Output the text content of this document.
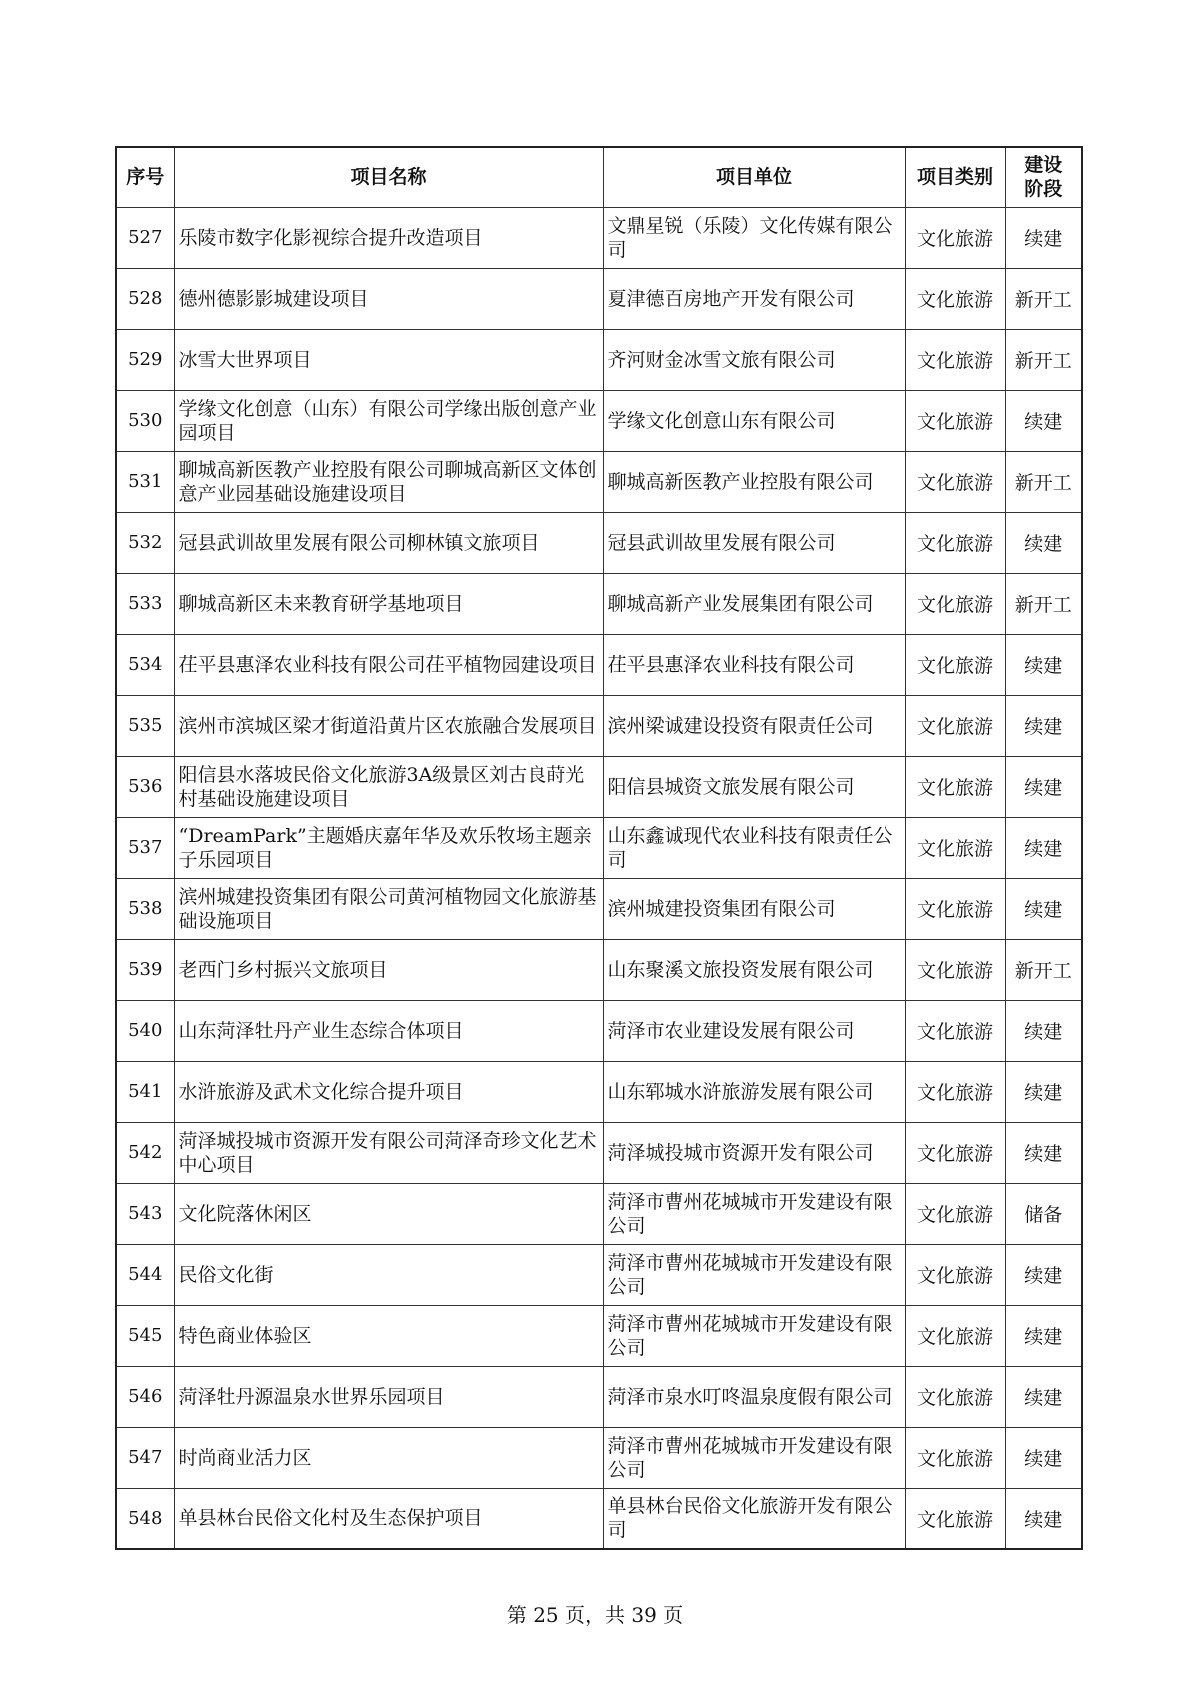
序号	项目名称	项目单位	项目类别	建设
阶段

527	乐陵市数字化影视综合提升改造项目	文鼎星锐（乐陵）文化传媒有限公司	文化旅游	续建
528	德州德影影城建设项目	夏津德百房地产开发有限公司	文化旅游	新开工
529	冰雪大世界项目	齐河财金冰雪文旅有限公司	文化旅游	新开工
530	学缘文化创意（山东）有限公司学缘出版创意产业园项目	学缘文化创意山东有限公司	文化旅游	续建
531	聊城高新医教产业控股有限公司聊城高新区文体创意产业园基础设施建设项目	聊城高新医教产业控股有限公司	文化旅游	新开工
532	冠县武训故里发展有限公司柳林镇文旅项目	冠县武训故里发展有限公司	文化旅游	续建
533	聊城高新区未来教育研学基地项目	聊城高新产业发展集团有限公司	文化旅游	新开工
534	茌平县惠泽农业科技有限公司茌平植物园建设项目	茌平县惠泽农业科技有限公司	文化旅游	续建
535	滨州市滨城区梁才街道沿黄片区农旅融合发展项目	滨州梁诚建设投资有限责任公司	文化旅游	续建
536	阳信县水落坡民俗文化旅游3A级景区刘古良莳光村基础设施建设项目	阳信县城资文旅发展有限公司	文化旅游	续建
537	“DreamPark”主题婚庆嘉年华及欢乐牧场主题亲子乐园项目	山东鑫诚现代农业科技有限责任公司	文化旅游	续建
538	滨州城建投资集团有限公司黄河植物园文化旅游基础设施项目	滨州城建投资集团有限公司	文化旅游	续建
539	老西门乡村振兴文旅项目	山东聚溪文旅投资发展有限公司	文化旅游	新开工
540	山东菏泽牡丹产业生态综合体项目	菏泽市农业建设发展有限公司	文化旅游	续建
541	水浒旅游及武术文化综合提升项目	山东郓城水浒旅游发展有限公司	文化旅游	续建
542	菏泽城投城市资源开发有限公司菏泽奇珍文化艺术中心项目	菏泽城投城市资源开发有限公司	文化旅游	续建
543	文化院落休闲区	菏泽市曹州花城城市开发建设有限公司	文化旅游	储备
544	民俗文化街	菏泽市曹州花城城市开发建设有限公司	文化旅游	续建
545	特色商业体验区	菏泽市曹州花城城市开发建设有限公司	文化旅游	续建
546	菏泽牡丹源温泉水世界乐园项目	菏泽市泉水叮咚温泉度假有限公司	文化旅游	续建
547	时尚商业活力区	菏泽市曹州花城城市开发建设有限公司	文化旅游	续建
548	单县林台民俗文化村及生态保护项目	单县林台民俗文化旅游开发有限公司	文化旅游	续建
第 25 页，共 39 页
